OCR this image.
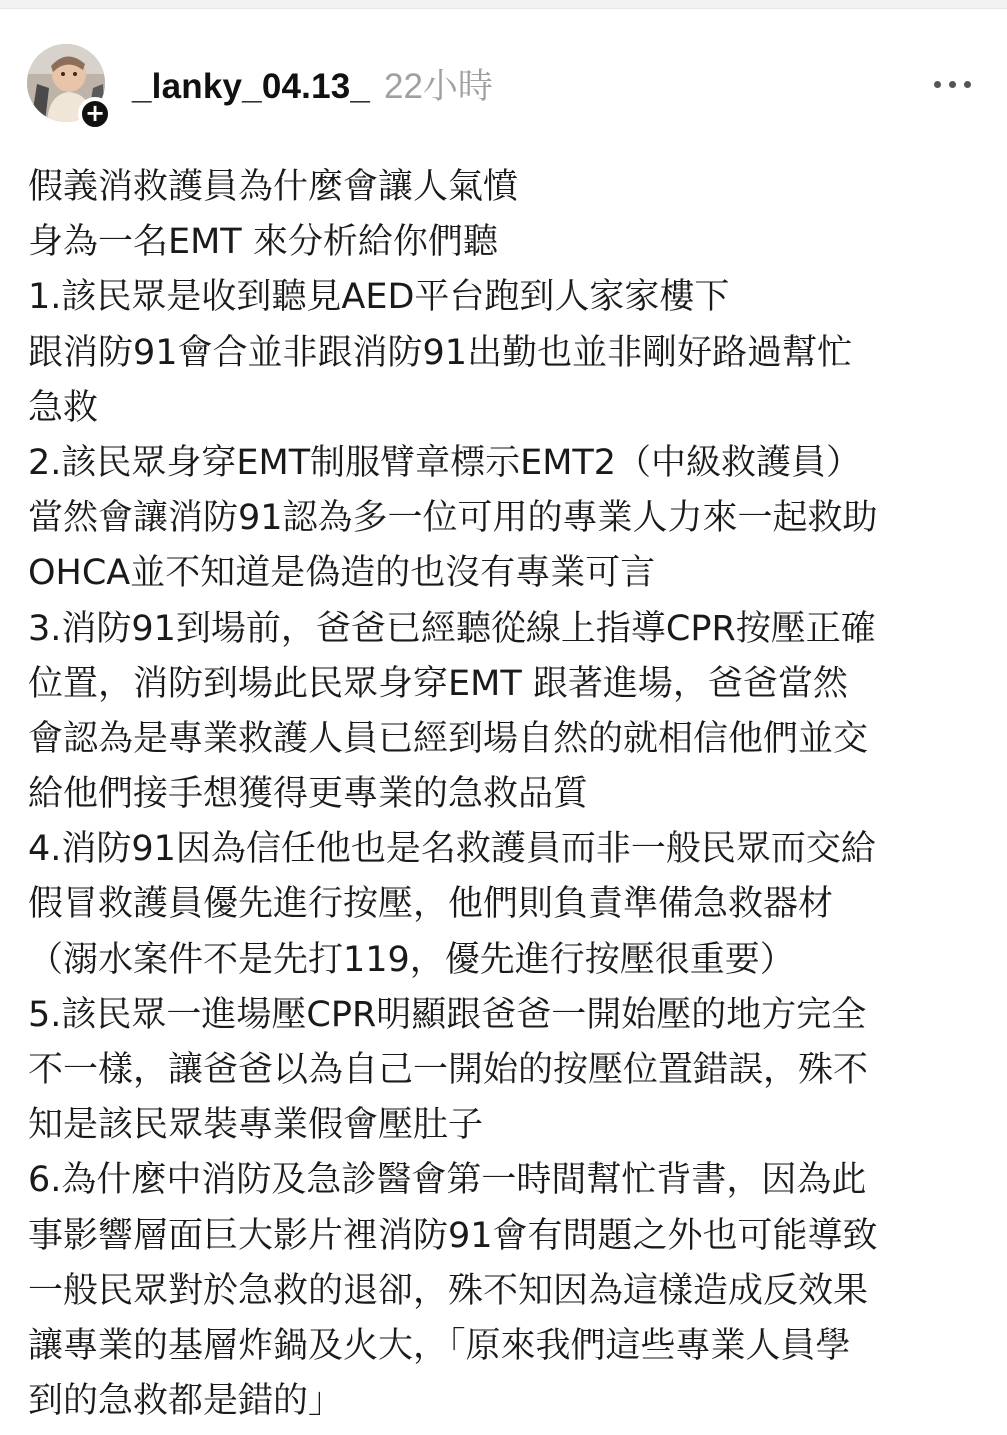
+
_lanky_04.13_ 22小時
假義消救護員為什麼會讓人氣憤
身為一名EMT 來分析給你們聽
1.該民眾是收到聽見AED平台跑到人家家樓下
跟消防91會合並非跟消防91出勤也並非剛好路過幫忙
急救
2.該民眾身穿EMT制服臂章標示EMT2（中級救護員）
當然會讓消防91認為多一位可用的專業人力來一起救助
OHCA並不知道是偽造的也沒有專業可言
3.消防91到場前，爸爸已經聽從線上指導CPR按壓正確
位置，消防到場此民眾身穿EMT 跟著進場，爸爸當然
會認為是專業救護人員已經到場自然的就相信他們並交
給他們接手想獲得更專業的急救品質
4.消防91因為信任他也是名救護員而非一般民眾而交給
假冒救護員優先進行按壓，他們則負責準備急救器材
（溺水案件不是先打119，優先進行按壓很重要）
5.該民眾一進場壓CPR明顯跟爸爸一開始壓的地方完全
不一樣，讓爸爸以為自己一開始的按壓位置錯誤，殊不
知是該民眾裝專業假會壓肚子
6.為什麼中消防及急診醫會第一時間幫忙背書，因為此
事影響層面巨大影片裡消防91會有問題之外也可能導致
一般民眾對於急救的退卻，殊不知因為這樣造成反效果
讓專業的基層炸鍋及火大，「原來我們這些專業人員學
到的急救都是錯的」
